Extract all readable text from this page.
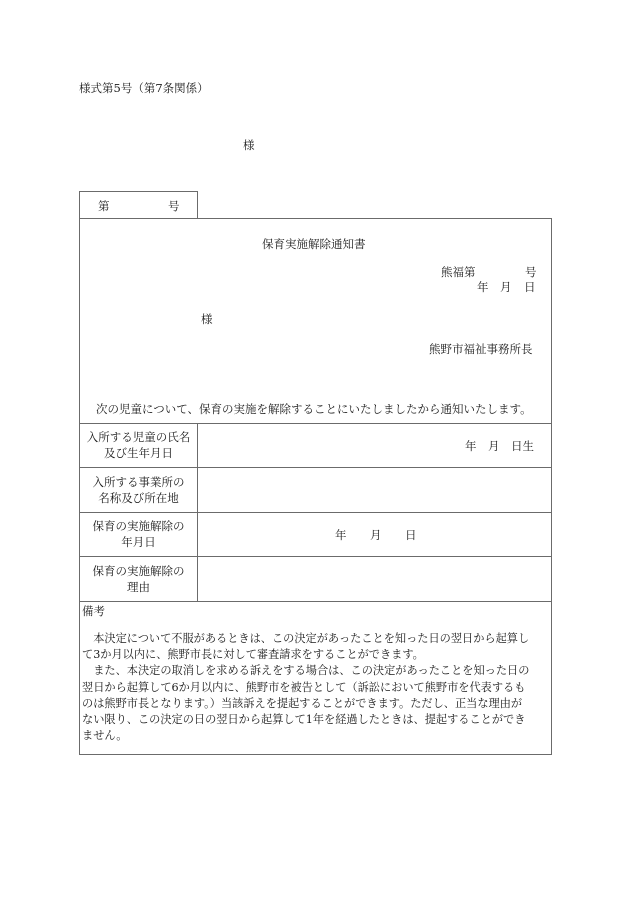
様式第5号（第7条関係）
様
第	号
保育実施解除通知書
熊福第	号
年 月 日
様
熊野市福祉事務所長
次の児童について、保育の実施を解除することにいたしましたから通知いたします。
入所する児童の氏名
及び生年月日	年 月 日生
入所する事業所の
名称及び所在地
保育の実施解除の
年月日	年 月 日
保育の実施解除の
理由
備考

　本決定について不服があるときは、この決定があったことを知った日の翌日から起算し

て3か月以内に、熊野市長に対して審査請求をすることができます。

　また、本決定の取消しを求める訴えをする場合は、この決定があったことを知った日の

翌日から起算して6か月以内に、熊野市を被告として（訴訟において熊野市を代表するも

のは熊野市長となります。）当該訴えを提起することができます。ただし、正当な理由が

ない限り、この決定の日の翌日から起算して1年を経過したときは、提起することができ

ません。
